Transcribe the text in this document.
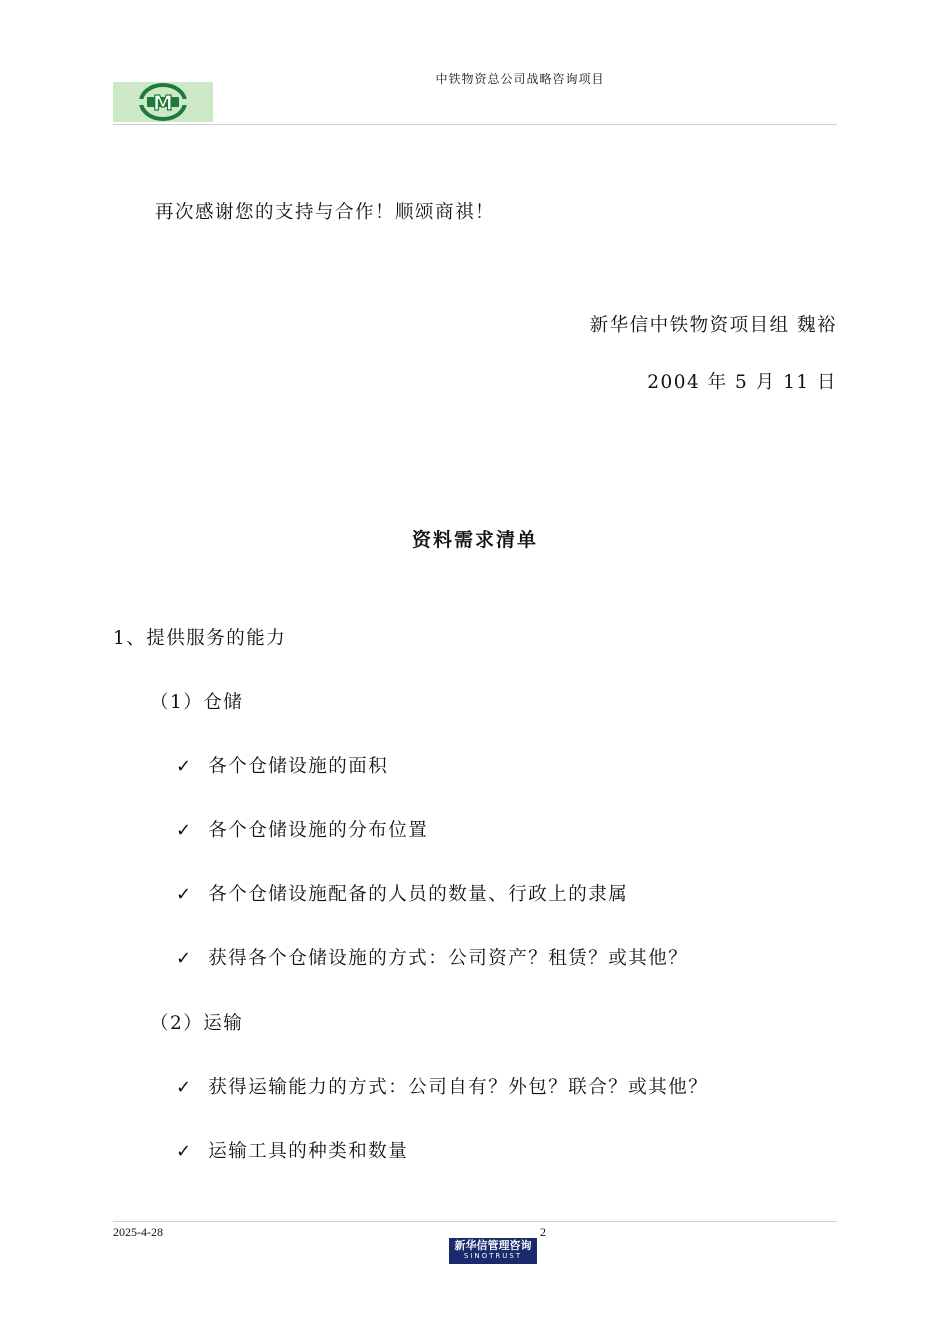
中铁物资总公司战略咨询项目
M
再次感谢您的支持与合作！顺颂商祺！
新华信中铁物资项目组 魏裕
2004 年 5 月 11 日
资料需求清单
1、提供服务的能力
（1）仓储
✓ 各个仓储设施的面积
✓ 各个仓储设施的分布位置
✓ 各个仓储设施配备的人员的数量、行政上的隶属
✓ 获得各个仓储设施的方式：公司资产？租赁？或其他？
（2）运输
✓ 获得运输能力的方式：公司自有？外包？联合？或其他？
✓ 运输工具的种类和数量
2025-4-28	2
新华信管理咨询
SINOTRUST
